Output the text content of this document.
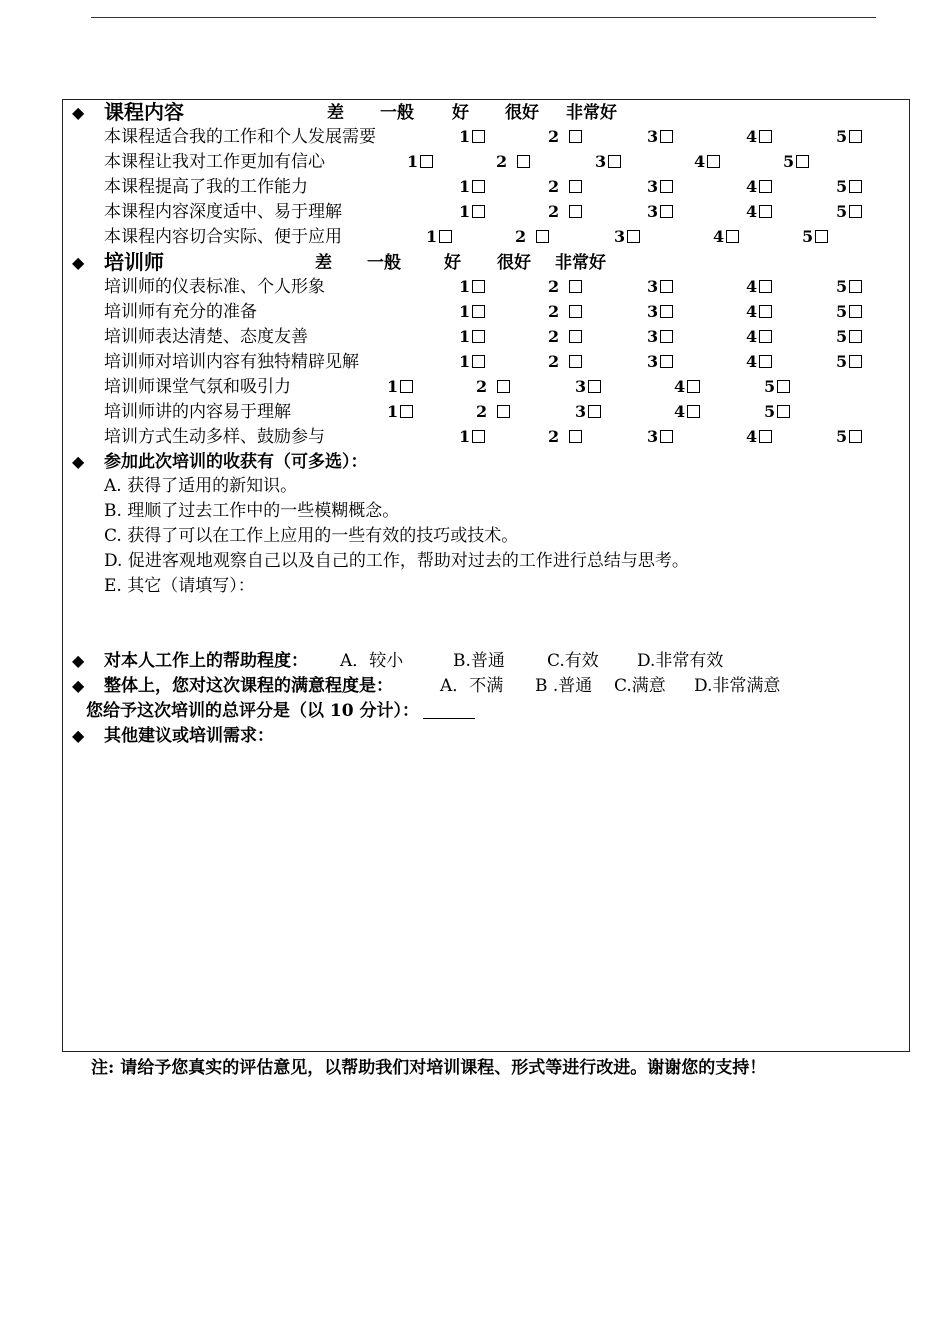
◆ 课程内容	差 一般 好 很好 非常好
本课程适合我的工作和个人发展需要	1	2	3	4	5
本课程让我对工作更加有信心	1	2	3	4	5
本课程提高了我的工作能力	1	2	3	4	5
本课程内容深度适中、易于理解	1	2	3	4	5
本课程内容切合实际、便于应用	1	2	3	4	5
◆ 培训师	差 一般	好 很好 非常好
培训师的仪表标准、个人形象	1	2	3	4	5
培训师有充分的准备	1	2	3	4	5
培训师表达清楚、态度友善	1	2	3	4	5
培训师对培训内容有独特精辟见解	1	2	3	4	5
培训师课堂气氛和吸引力	1	2	3	4	5
培训师讲的内容易于理解	1	2	3	4	5
培训方式生动多样、鼓励参与	1	2	3	4	5
◆ 参加此次培训的收获有（可多选）：
A. 获得了适用的新知识。
B. 理顺了过去工作中的一些模糊概念。
C. 获得了可以在工作上应用的一些有效的技巧或技术。
D. 促进客观地观察自己以及自己的工作，帮助对过去的工作进行总结与思考。
E. 其它（请填写）：
◆ 对本人工作上的帮助程度： A．较小	B.普通 C.有效 D.非常有效
◆ 整体上，您对这次课程的满意程度是：	A．不满 B .普通 C.满意 D.非常满意
您给予这次培训的总评分是（以 10 分计）：
◆ 其他建议或培训需求：
注: 请给予您真实的评估意见，以帮助我们对培训课程、形式等进行改进。谢谢您的支持！
